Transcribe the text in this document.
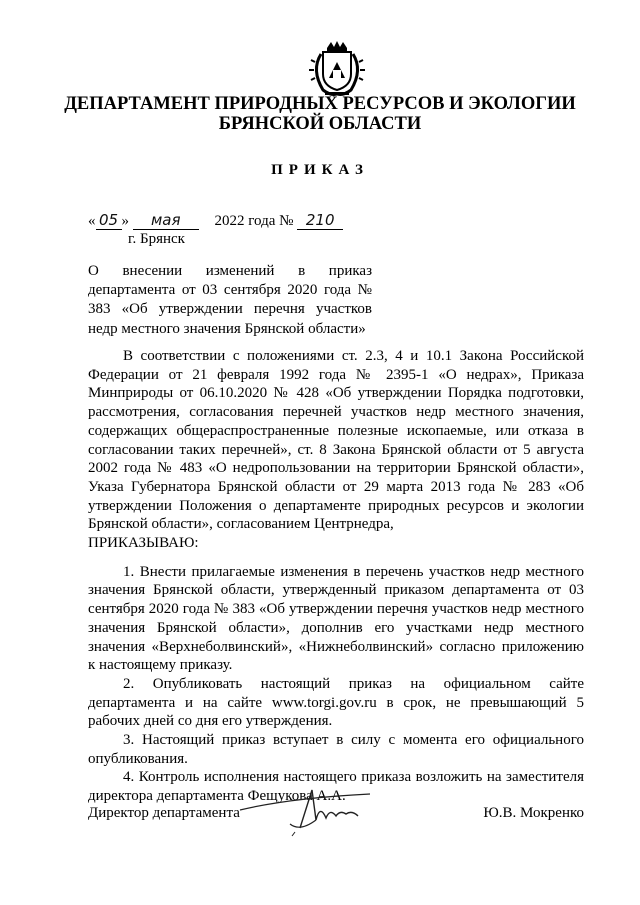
ДЕПАРТАМЕНТ ПРИРОДНЫХ РЕСУРСОВ И ЭКОЛОГИИ
БРЯНСКОЙ ОБЛАСТИ
ПРИКАЗ
« 05 » мая 2022 года № 210
г. Брянск
О внесении изменений в приказ департамента от 03 сентября 2020 года № 383 «Об утверждении перечня участков недр местного значения Брянской области»

В соответствии с положениями ст. 2.3, 4 и 10.1 Закона Российской Федерации от 21 февраля 1992 года № 2395-1 «О недрах», Приказа Минприроды от 06.10.2020 № 428 «Об утверждении Порядка подготовки, рассмотрения, согласования перечней участков недр местного значения, содержащих общераспространенные полезные ископаемые, или отказа в согласовании таких перечней», ст. 8 Закона Брянской области от 5 августа 2002 года № 483 «О недропользовании на территории Брянской области», Указа Губернатора Брянской области от 29 марта 2013 года № 283 «Об утверждении Положения о департаменте природных ресурсов и экологии Брянской области», согласованием Центрнедра,

ПРИКАЗЫВАЮ:

1. Внести прилагаемые изменения в перечень участков недр местного значения Брянской области, утвержденный приказом департамента от 03 сентября 2020 года № 383 «Об утверждении перечня участков недр местного значения Брянской области», дополнив его участками недр местного значения «Верхнеболвинский», «Нижнеболвинский» согласно приложению к настоящему приказу.

2. Опубликовать настоящий приказ на официальном сайте департамента и на сайте www.torgi.gov.ru в срок, не превышающий 5 рабочих дней со дня его утверждения.

3. Настоящий приказ вступает в силу с момента его официального опубликования.

4. Контроль исполнения настоящего приказа возложить на заместителя директора департамента Фещукова А.А.

Директор департамента	Ю.В. Мокренко
